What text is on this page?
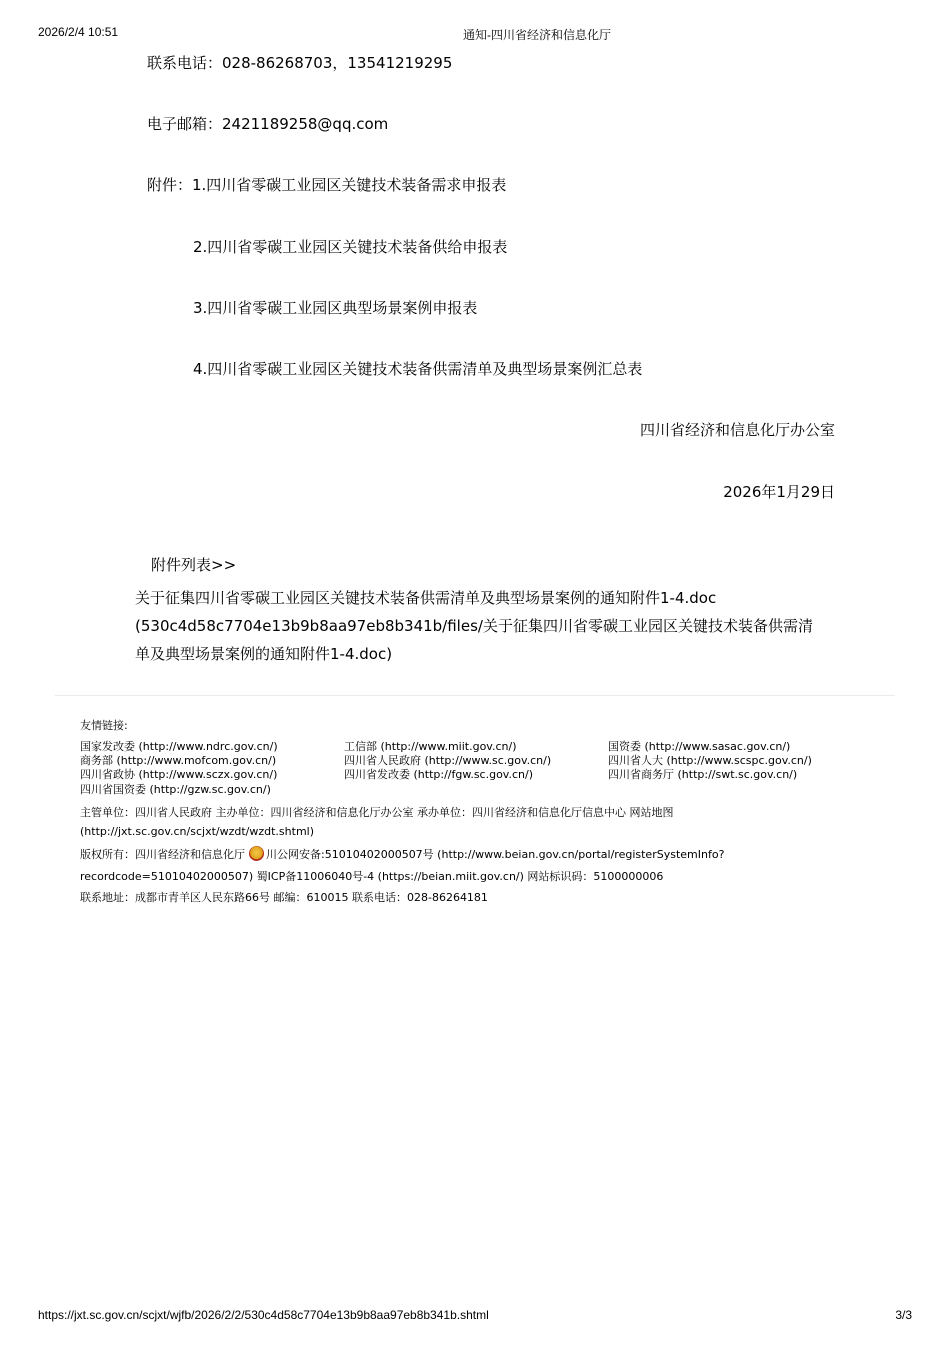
2026/2/4 10:51	通知-四川省经济和信息化厅
联系电话：028-86268703，13541219295
电子邮箱：2421189258@qq.com
附件：1.四川省零碳工业园区关键技术装备需求申报表
2.四川省零碳工业园区关键技术装备供给申报表
3.四川省零碳工业园区典型场景案例申报表
4.四川省零碳工业园区关键技术装备供需清单及典型场景案例汇总表
四川省经济和信息化厅办公室
2026年1月29日
附件列表>>
关于征集四川省零碳工业园区关键技术装备供需清单及典型场景案例的通知附件1-4.doc (530c4d58c7704e13b9b8aa97eb8b341b/files/关于征集四川省零碳工业园区关键技术装备供需清单及典型场景案例的通知附件1-4.doc)
友情链接:
国家发改委 (http://www.ndrc.gov.cn/)	工信部 (http://www.miit.gov.cn/)	国资委 (http://www.sasac.gov.cn/)
商务部 (http://www.mofcom.gov.cn/)	四川省人民政府 (http://www.sc.gov.cn/)	四川省人大 (http://www.scspc.gov.cn/)
四川省政协 (http://www.sczx.gov.cn/)	四川省发改委 (http://fgw.sc.gov.cn/)	四川省商务厅 (http://swt.sc.gov.cn/)
四川省国资委 (http://gzw.sc.gov.cn/)
主管单位：四川省人民政府 主办单位：四川省经济和信息化厅办公室 承办单位：四川省经济和信息化厅信息中心 网站地图
(http://jxt.sc.gov.cn/scjxt/wzdt/wzdt.shtml)
版权所有：四川省经济和信息化厅 川公网安备:51010402000507号 (http://www.beian.gov.cn/portal/registerSystemInfo?
recordcode=51010402000507) 蜀ICP备11006040号-4 (https://beian.miit.gov.cn/) 网站标识码：5100000006
联系地址：成都市青羊区人民东路66号 邮编：610015 联系电话：028-86264181
https://jxt.sc.gov.cn/scjxt/wjfb/2026/2/2/530c4d58c7704e13b9b8aa97eb8b341b.shtml	3/3
